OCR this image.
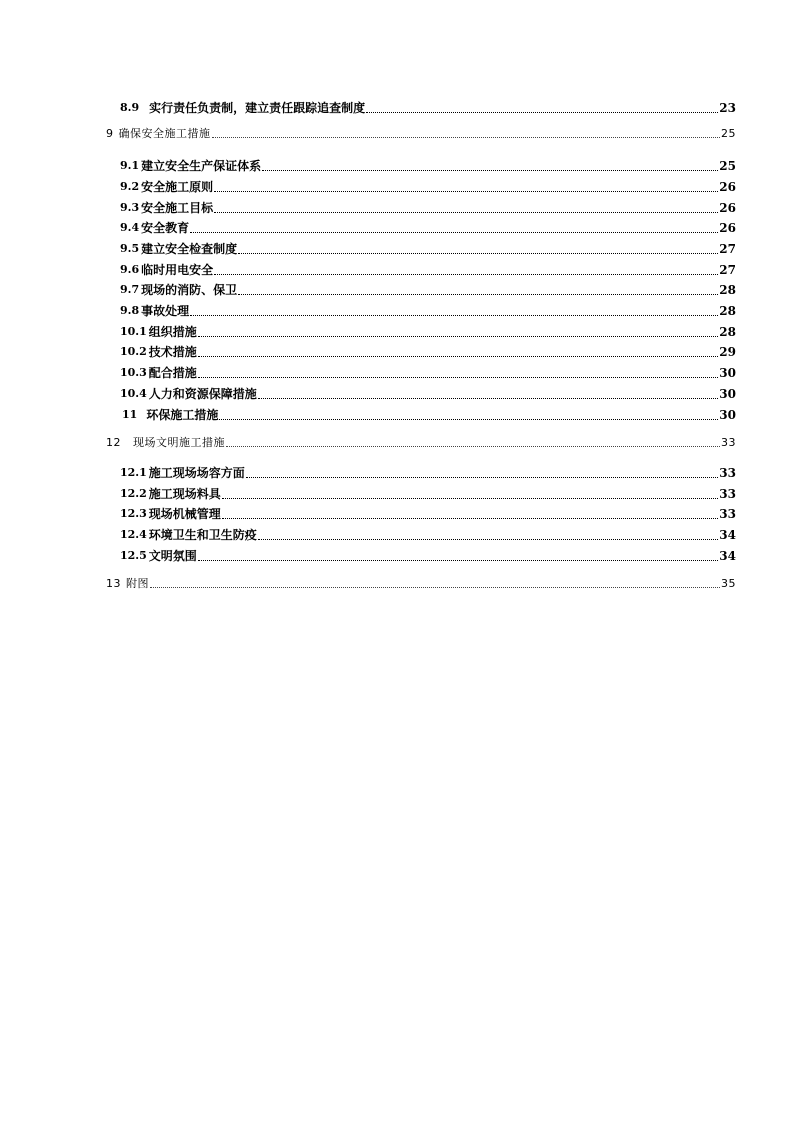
8.9 实行责任负责制，建立责任跟踪追查制度	23
9 确保安全施工措施	25
9.1 建立安全生产保证体系	25
9.2 安全施工原则	26
9.3 安全施工目标	26
9.4 安全教育	26
9.5 建立安全检查制度	27
9.6 临时用电安全	27
9.7 现场的消防、保卫	28
9.8 事故处理	28
10.1 组织措施	28
10.2 技术措施	29
10.3 配合措施	30
10.4 人力和资源保障措施	30
11 环保施工措施	30
12 现场文明施工措施	33
12.1 施工现场场容方面	33
12.2 施工现场料具	33
12.3 现场机械管理	33
12.4 环境卫生和卫生防疫	34
12.5 文明氛围	34
13 附图	35
